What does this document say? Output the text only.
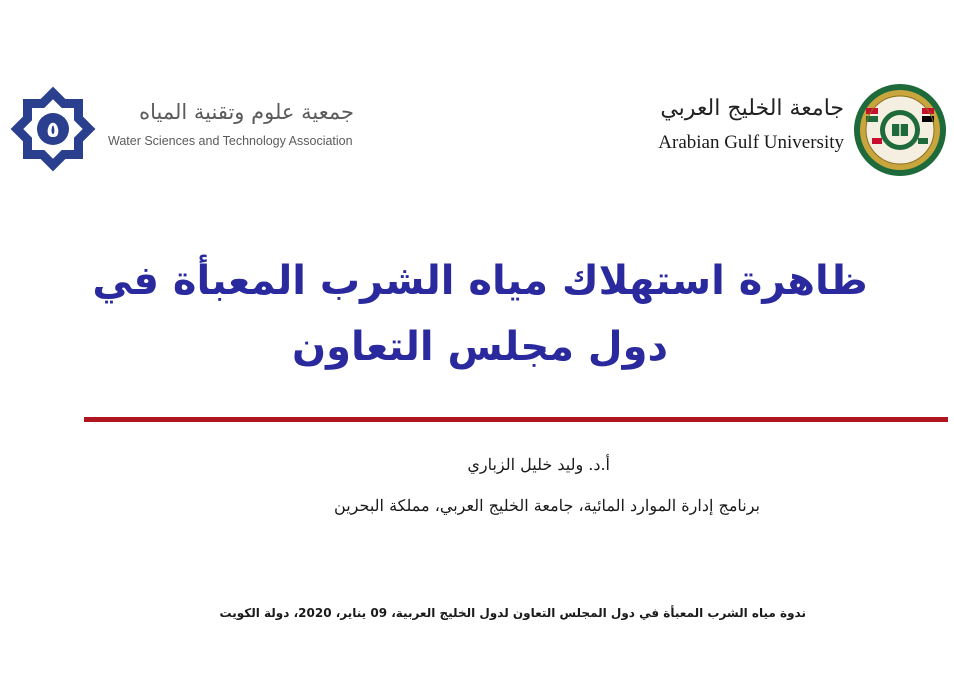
٥
جمعية علوم وتقنية المياه
Water Sciences and Technology Association
جامعة الخليج العربي
Arabian Gulf University
ظاهرة استهلاك مياه الشرب المعبأة في
دول مجلس التعاون
أ.د. وليد خليل الزباري
برنامج إدارة الموارد المائية، جامعة الخليج العربي، مملكة البحرين
ندوة مياه الشرب المعبأة في دول المجلس التعاون لدول الخليج العربية، 09 يناير، 2020، دولة الكويت
